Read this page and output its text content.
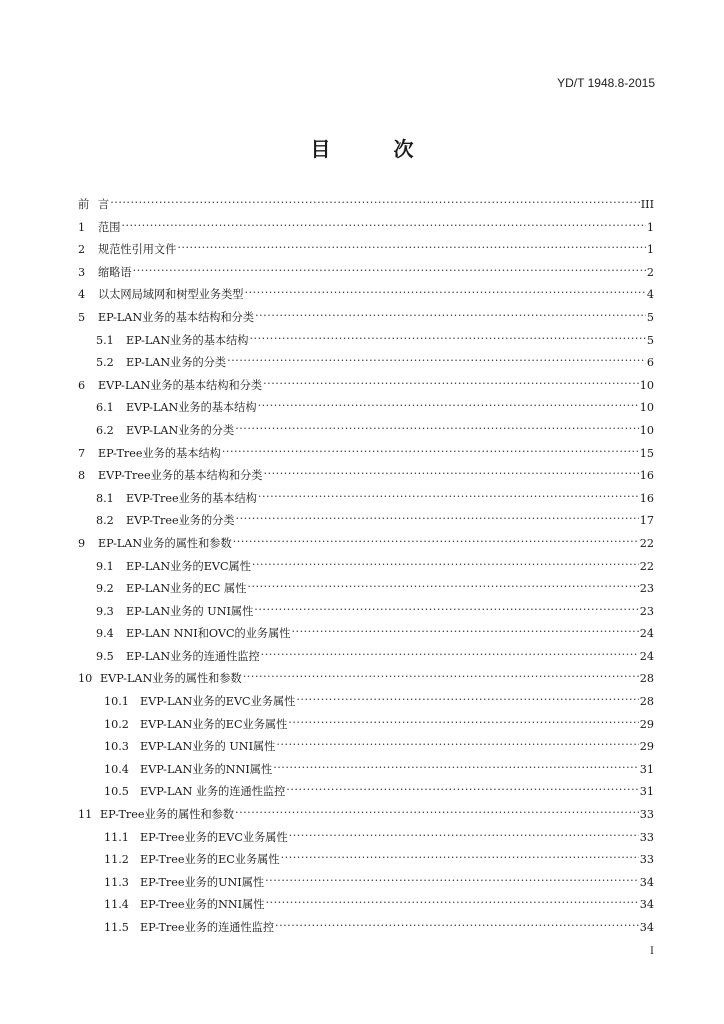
YD/T 1948.8-2015
目 次
前 言 ·····	III
1	范围 ·····	1
2	规范性引用文件 ·····	1
3	缩略语 ·····	2
4	以太网局域网和树型业务类型 ·····	4
5	EP-LAN业务的基本结构和分类 ·····	5
5.1	EP-LAN业务的基本结构 ·····	5
5.2	EP-LAN业务的分类 ·····	6
6	EVP-LAN业务的基本结构和分类 ·····	10
6.1	EVP-LAN业务的基本结构 ·····	10
6.2	EVP-LAN业务的分类 ·····	10
7	EP-Tree业务的基本结构 ·····	15
8	EVP-Tree业务的基本结构和分类 ·····	16
8.1	EVP-Tree业务的基本结构 ·····	16
8.2	EVP-Tree业务的分类 ·····	17
9	EP-LAN业务的属性和参数 ·····	22
9.1	EP-LAN业务的EVC属性 ·····	22
9.2	EP-LAN业务的EC 属性 ·····	23
9.3	EP-LAN业务的 UNI属性 ·····	23
9.4	EP-LAN NNI和OVC的业务属性 ·····	24
9.5	EP-LAN业务的连通性监控 ·····	24
10 EVP-LAN业务的属性和参数 ·····	28
10.1 EVP-LAN业务的EVC业务属性 ·····	28
10.2 EVP-LAN业务的EC业务属性 ·····	29
10.3 EVP-LAN业务的 UNI属性 ·····	29
10.4 EVP-LAN业务的NNI属性 ·····	31
10.5 EVP-LAN 业务的连通性监控 ·····	31
11 EP-Tree业务的属性和参数 ·····	33
11.1 EP-Tree业务的EVC业务属性 ·····	33
11.2 EP-Tree业务的EC业务属性 ·····	33
11.3 EP-Tree业务的UNI属性 ·····	34
11.4 EP-Tree业务的NNI属性 ·····	34
11.5 EP-Tree业务的连通性监控 ·····	34
I
